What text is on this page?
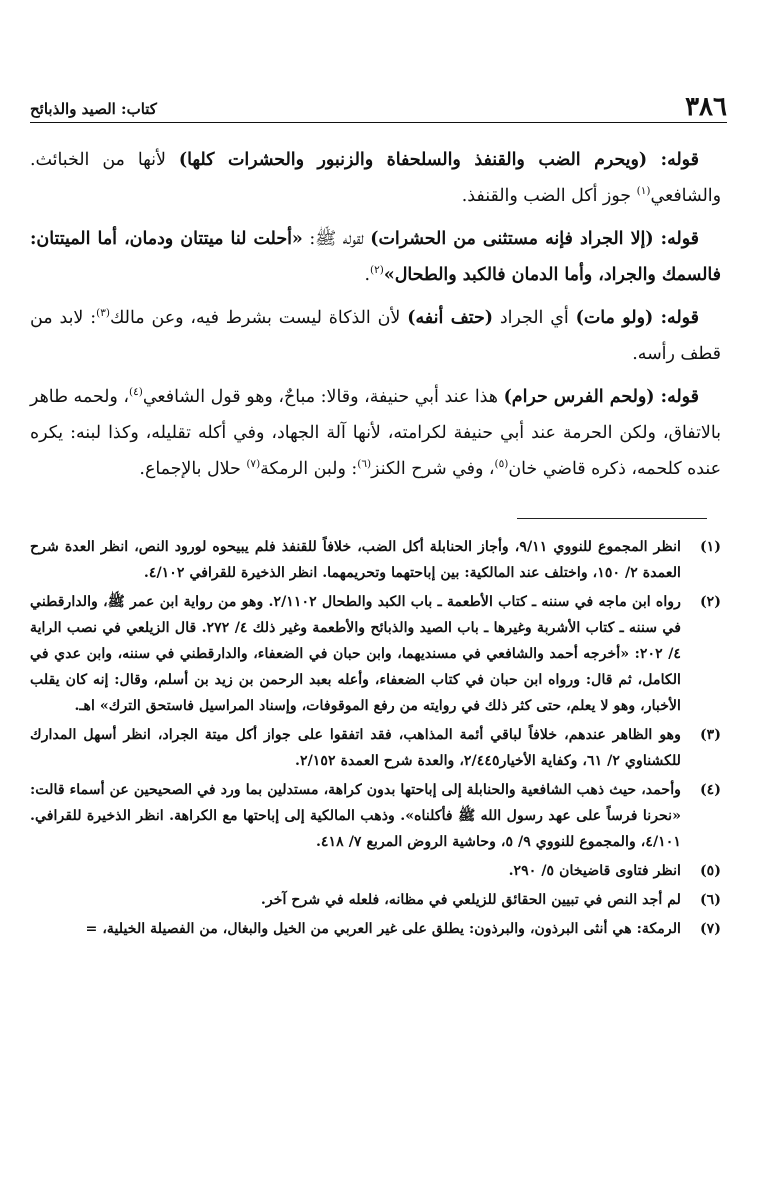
٣٨٦
كتاب: الصيد والذبائح

قوله: (ويحرم الضب والقنفذ والسلحفاة والزنبور والحشرات كلها) لأنها من الخبائث. والشافعي$^{(١)}$ جوز أكل الضب والقنفذ.

قوله: (إلا الجراد فإنه مستثنى من الحشرات) لقوله ﷺ: «أحلت لنا ميتتان ودمان، أما الميتتان: فالسمك والجراد، وأما الدمان فالكبد والطحال»$^{(٢)}$.

قوله: (ولو مات) أي الجراد (حتف أنفه) لأن الذكاة ليست بشرط فيه، وعن مالك$^{(٣)}$: لابد من قطف رأسه.

قوله: (ولحم الفرس حرام) هذا عند أبي حنيفة، وقالا: مباحٌ، وهو قول الشافعي$^{(٤)}$، ولحمه طاهر بالاتفاق، ولكن الحرمة عند أبي حنيفة لكرامته، لأنها آلة الجهاد، وفي أكله تقليله، وكذا لبنه: يكره عنده كلحمه، ذكره قاضي خان$^{(٥)}$، وفي شرح الكنز$^{(٦)}$: ولبن الرمكة$^{(٧)}$ حلال بالإجماع.

(١)
انظر المجموع للنووي ٩/١١، وأجاز الحنابلة أكل الضب، خلافاً للقنفذ فلم يبيحوه لورود النص، انظر العدة شرح العمدة ٢/ ١٥٠، واختلف عند المالكية: بين إباحتهما وتحريمهما. انظر الذخيرة للقرافي ٤/١٠٢.
(٢)
رواه ابن ماجه في سننه ـ كتاب الأطعمة ـ باب الكبد والطحال ٢/١١٠٢. وهو من رواية ابن عمر ﷺ، والدارقطني في سننه ـ كتاب الأشربة وغيرها ـ باب الصيد والذبائح والأطعمة وغير ذلك ٤/ ٢٧٢. قال الزيلعي في نصب الراية ٤/ ٢٠٢: «أخرجه أحمد والشافعي في مسنديهما، وابن حبان في الضعفاء، والدارقطني في سننه، وابن عدي في الكامل، ثم قال: ورواه ابن حبان في كتاب الضعفاء، وأعله بعبد الرحمن بن زيد بن أسلم، وقال: إنه كان يقلب الأخبار، وهو لا يعلم، حتى كثر ذلك في روايته من رفع الموقوفات، وإسناد المراسيل فاستحق الترك» اهـ.
(٣)
وهو الظاهر عندهم، خلافاً لباقي أئمة المذاهب، فقد اتفقوا على جواز أكل ميتة الجراد، انظر أسهل المدارك للكشناوي ٢/ ٦١، وكفاية الأخيار٢/٤٤٥، والعدة شرح العمدة ٢/١٥٢.
(٤)
وأحمد، حيث ذهب الشافعية والحنابلة إلى إباحتها بدون كراهة، مستدلين بما ورد في الصحيحين عن أسماء قالت: «نحرنا فرساً على عهد رسول الله ﷺ فأكلناه». وذهب المالكية إلى إباحتها مع الكراهة. انظر الذخيرة للقرافي. ٤/١٠١، والمجموع للنووي ٩/ ٥، وحاشية الروض المربع ٧/ ٤١٨.
(٥)
انظر فتاوى قاضيخان ٥/ ٢٩٠.
(٦)
لم أجد النص في تبيين الحقائق للزيلعي في مظانه، فلعله في شرح آخر.
(٧)
الرمكة: هي أنثى البرذون، والبرذون: يطلق على غير العربي من الخيل والبغال، من الفصيلة الخيلية، =
